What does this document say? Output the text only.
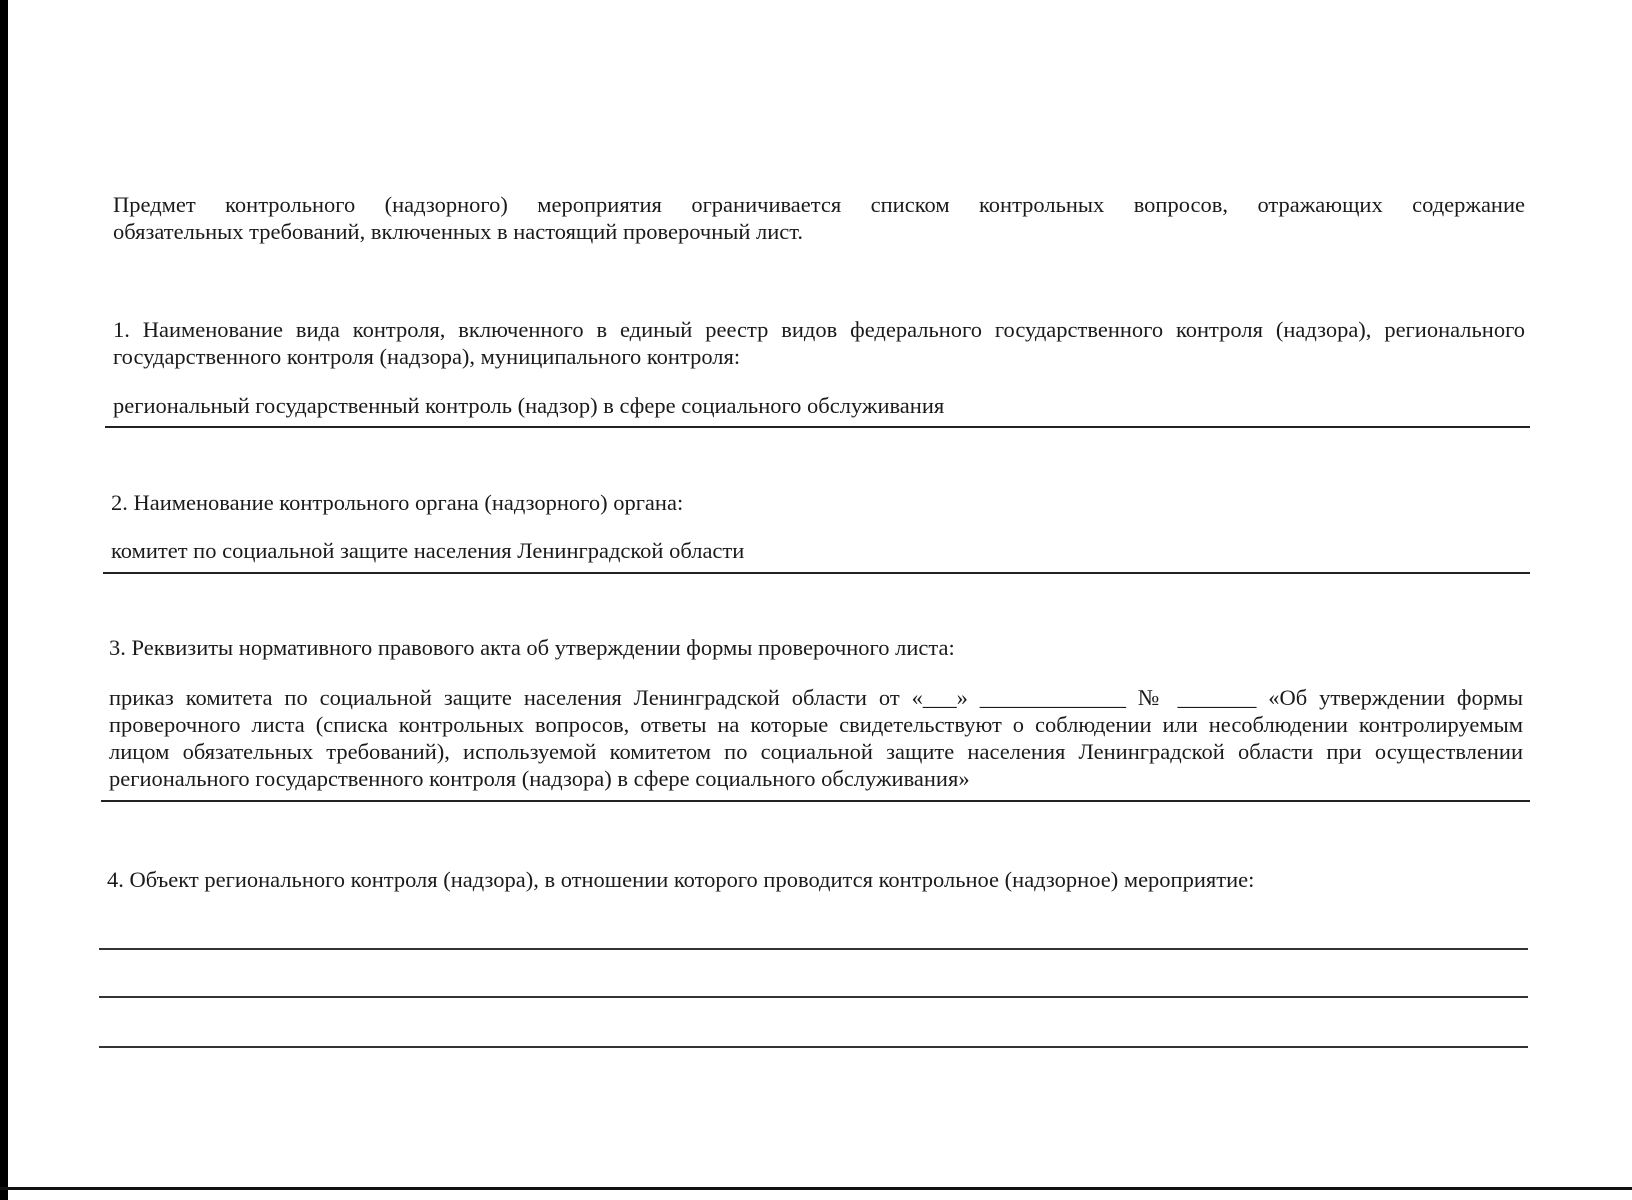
Предмет контрольного (надзорного) мероприятия ограничивается списком контрольных вопросов, отражающих содержание
обязательных требований, включенных в настоящий проверочный лист.
1. Наименование вида контроля, включенного в единый реестр видов федерального государственного контроля (надзора), регионального
государственного контроля (надзора), муниципального контроля:
региональный государственный контроль (надзор) в сфере социального обслуживания
2. Наименование контрольного органа (надзорного) органа:
комитет по социальной защите населения Ленинградской области
3. Реквизиты нормативного правового акта об утверждении формы проверочного листа:
приказ комитета по социальной защите населения Ленинградской области от «___» _____________ № _______ «Об утверждении формы
проверочного листа (списка контрольных вопросов, ответы на которые свидетельствуют о соблюдении или несоблюдении контролируемым
лицом обязательных требований), используемой комитетом по социальной защите населения Ленинградской области при осуществлении
регионального государственного контроля (надзора) в сфере социального обслуживания»
4. Объект регионального контроля (надзора), в отношении которого проводится контрольное (надзорное) мероприятие:
